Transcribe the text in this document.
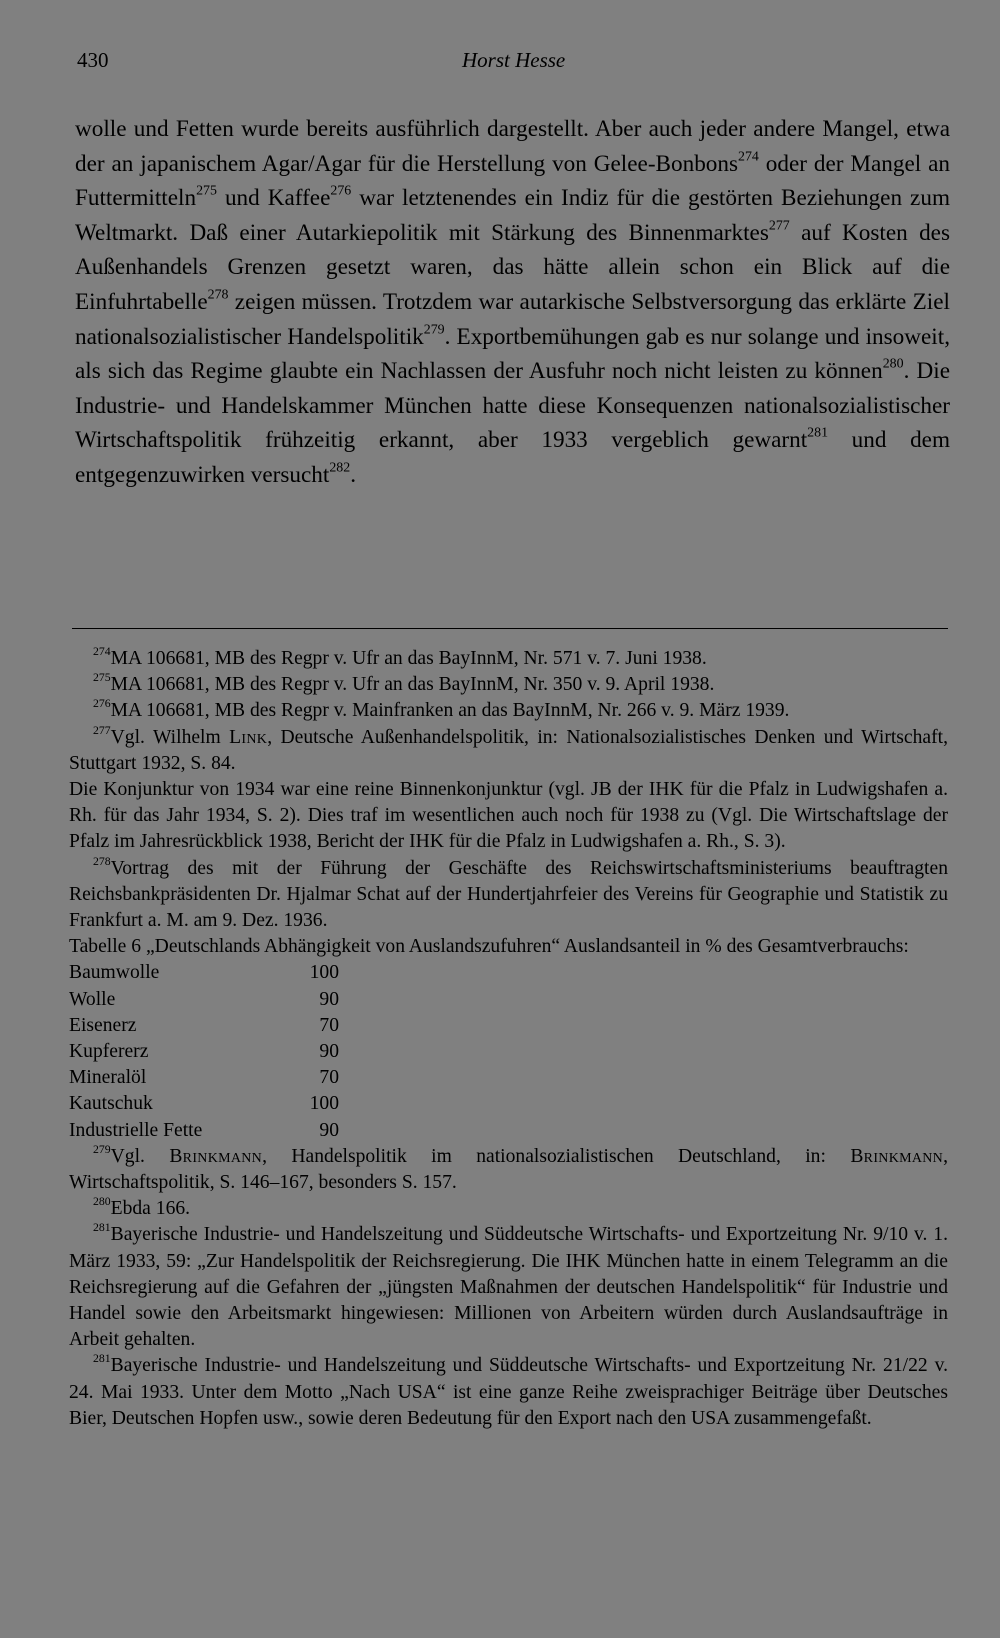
430	Horst Hesse

wolle und Fetten wurde bereits ausführlich dargestellt. Aber auch jeder andere Mangel, etwa der an japanischem Agar/Agar für die Herstellung von Gelee-Bonbons$^{274}$ oder der Mangel an Futtermitteln$^{275}$ und Kaffee$^{276}$ war letztenendes ein Indiz für die gestörten Beziehungen zum Weltmarkt. Daß einer Autarkiepolitik mit Stärkung des Binnenmarktes$^{277}$ auf Kosten des Außenhandels Grenzen gesetzt waren, das hätte allein schon ein Blick auf die Einfuhrtabelle$^{278}$ zeigen müssen. Trotzdem war autarkische Selbstversorgung das erklärte Ziel nationalsozialistischer Handelspolitik$^{279}$. Exportbemühungen gab es nur solange und insoweit, als sich das Regime glaubte ein Nachlassen der Ausfuhr noch nicht leisten zu können$^{280}$. Die Industrie- und Handelskammer München hatte diese Konsequenzen nationalsozialistischer Wirtschaftspolitik frühzeitig erkannt, aber 1933 vergeblich gewarnt$^{281}$ und dem entgegenzuwirken versucht$^{282}$.

$^{274}$MA 106681, MB des Regpr v. Ufr an das BayInnM, Nr. 571 v. 7. Juni 1938.

$^{275}$MA 106681, MB des Regpr v. Ufr an das BayInnM, Nr. 350 v. 9. April 1938.

$^{276}$MA 106681, MB des Regpr v. Mainfranken an das BayInnM, Nr. 266 v. 9. März 1939.

$^{277}$Vgl. Wilhelm Link, Deutsche Außenhandelspolitik, in: Nationalsozialistisches Denken und Wirtschaft, Stuttgart 1932, S. 84.

Die Konjunktur von 1934 war eine reine Binnenkonjunktur (vgl. JB der IHK für die Pfalz in Ludwigshafen a. Rh. für das Jahr 1934, S. 2). Dies traf im wesentlichen auch noch für 1938 zu (Vgl. Die Wirtschaftslage der Pfalz im Jahresrückblick 1938, Bericht der IHK für die Pfalz in Ludwigshafen a. Rh., S. 3).

$^{278}$Vortrag des mit der Führung der Geschäfte des Reichswirtschaftsministeriums beauftragten Reichsbankpräsidenten Dr. Hjalmar Schat auf der Hundertjahrfeier des Vereins für Geographie und Statistik zu Frankfurt a. M. am 9. Dez. 1936.

Tabelle 6 „Deutschlands Abhängigkeit von Auslandszufuhren“ Auslandsanteil in % des Gesamtverbrauchs:

Baumwolle	100
Wolle	90
Eisenerz	70
Kupfererz	90
Mineralöl	70
Kautschuk	100
Industrielle Fette	90

$^{279}$Vgl. Brinkmann, Handelspolitik im nationalsozialistischen Deutschland, in: Brinkmann, Wirtschaftspolitik, S. 146–167, besonders S. 157.

$^{280}$Ebda 166.

$^{281}$Bayerische Industrie- und Handelszeitung und Süddeutsche Wirtschafts- und Exportzeitung Nr. 9/10 v. 1. März 1933, 59: „Zur Handelspolitik der Reichsregierung. Die IHK München hatte in einem Telegramm an die Reichsregierung auf die Gefahren der „jüngsten Maßnahmen der deutschen Handelspolitik“ für Industrie und Handel sowie den Arbeitsmarkt hingewiesen: Millionen von Arbeitern würden durch Auslandsaufträge in Arbeit gehalten.

$^{281}$Bayerische Industrie- und Handelszeitung und Süddeutsche Wirtschafts- und Exportzeitung Nr. 21/22 v. 24. Mai 1933. Unter dem Motto „Nach USA“ ist eine ganze Reihe zweisprachiger Beiträge über Deutsches Bier, Deutschen Hopfen usw., sowie deren Bedeutung für den Export nach den USA zusammengefaßt.
